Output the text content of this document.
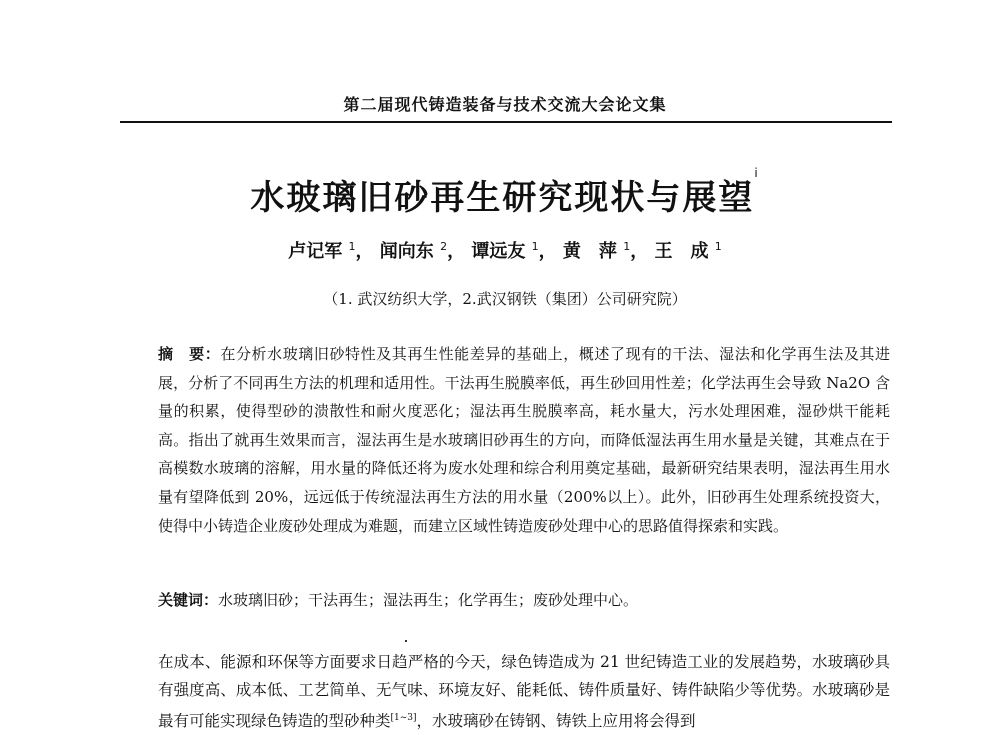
第二届现代铸造装备与技术交流大会论文集
水玻璃旧砂再生研究现状与展望$^i$
卢记军 $^1$， 闻向东 $^2$， 谭远友 $^1$， 黄　萍 $^1$， 王　成 $^1$
（1. 武汉纺织大学，2.武汉钢铁（集团）公司研究院）
摘　要：在分析水玻璃旧砂特性及其再生性能差异的基础上，概述了现有的干法、湿法和化学再生法及其进展，分析了不同再生方法的机理和适用性。干法再生脱膜率低，再生砂回用性差；化学法再生会导致 Na2O 含量的积累，使得型砂的溃散性和耐火度恶化；湿法再生脱膜率高，耗水量大，污水处理困难，湿砂烘干能耗高。指出了就再生效果而言，湿法再生是水玻璃旧砂再生的方向，而降低湿法再生用水量是关键，其难点在于高模数水玻璃的溶解，用水量的降低还将为废水处理和综合利用奠定基础，最新研究结果表明，湿法再生用水量有望降低到 20%，远远低于传统湿法再生方法的用水量（200%以上）。此外，旧砂再生处理系统投资大，使得中小铸造企业废砂处理成为难题，而建立区域性铸造废砂处理中心的思路值得探索和实践。
关键词：水玻璃旧砂；干法再生；湿法再生；化学再生；废砂处理中心。
在成本、能源和环保等方面要求日趋严格的今天，绿色铸造成为 21 世纪铸造工业的发展趋势，水玻璃砂具有强度高、成本低、工艺简单、无气味、环境友好、能耗低、铸件质量好、铸件缺陷少等优势。水玻璃砂是最有可能实现绿色铸造的型砂种类[1~3]，水玻璃砂在铸钢、铸铁上应用将会得到
